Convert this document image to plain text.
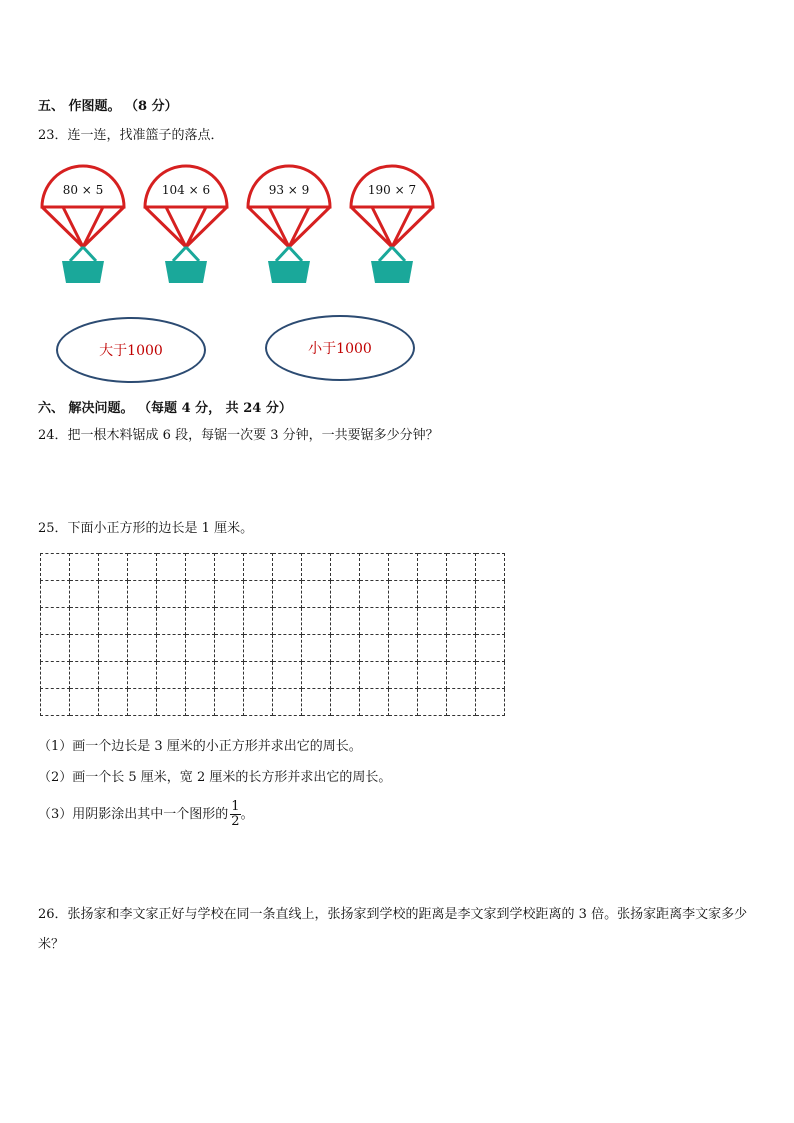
五、 作图题。 （8 分）
23．连一连，找准篮子的落点．
80 × 5	104 × 6	93 × 9	190 × 7
大于1000	小于1000
六、 解决问题。 （每题 4 分， 共 24 分）
24．把一根木料锯成 6 段，每锯一次要 3 分钟，一共要锯多少分钟？
25．下面小正方形的边长是 1 厘米。

（1）画一个边长是 3 厘米的小正方形并求出它的周长。
（2）画一个长 5 厘米，宽 2 厘米的长方形并求出它的周长。
（3）用阴影涂出其中一个图形的 $\frac{1}{2}$ 。
26．张扬家和李文家正好与学校在同一条直线上，张扬家到学校的距离是李文家到学校距离的 3 倍。张扬家距离李文家多少米？
